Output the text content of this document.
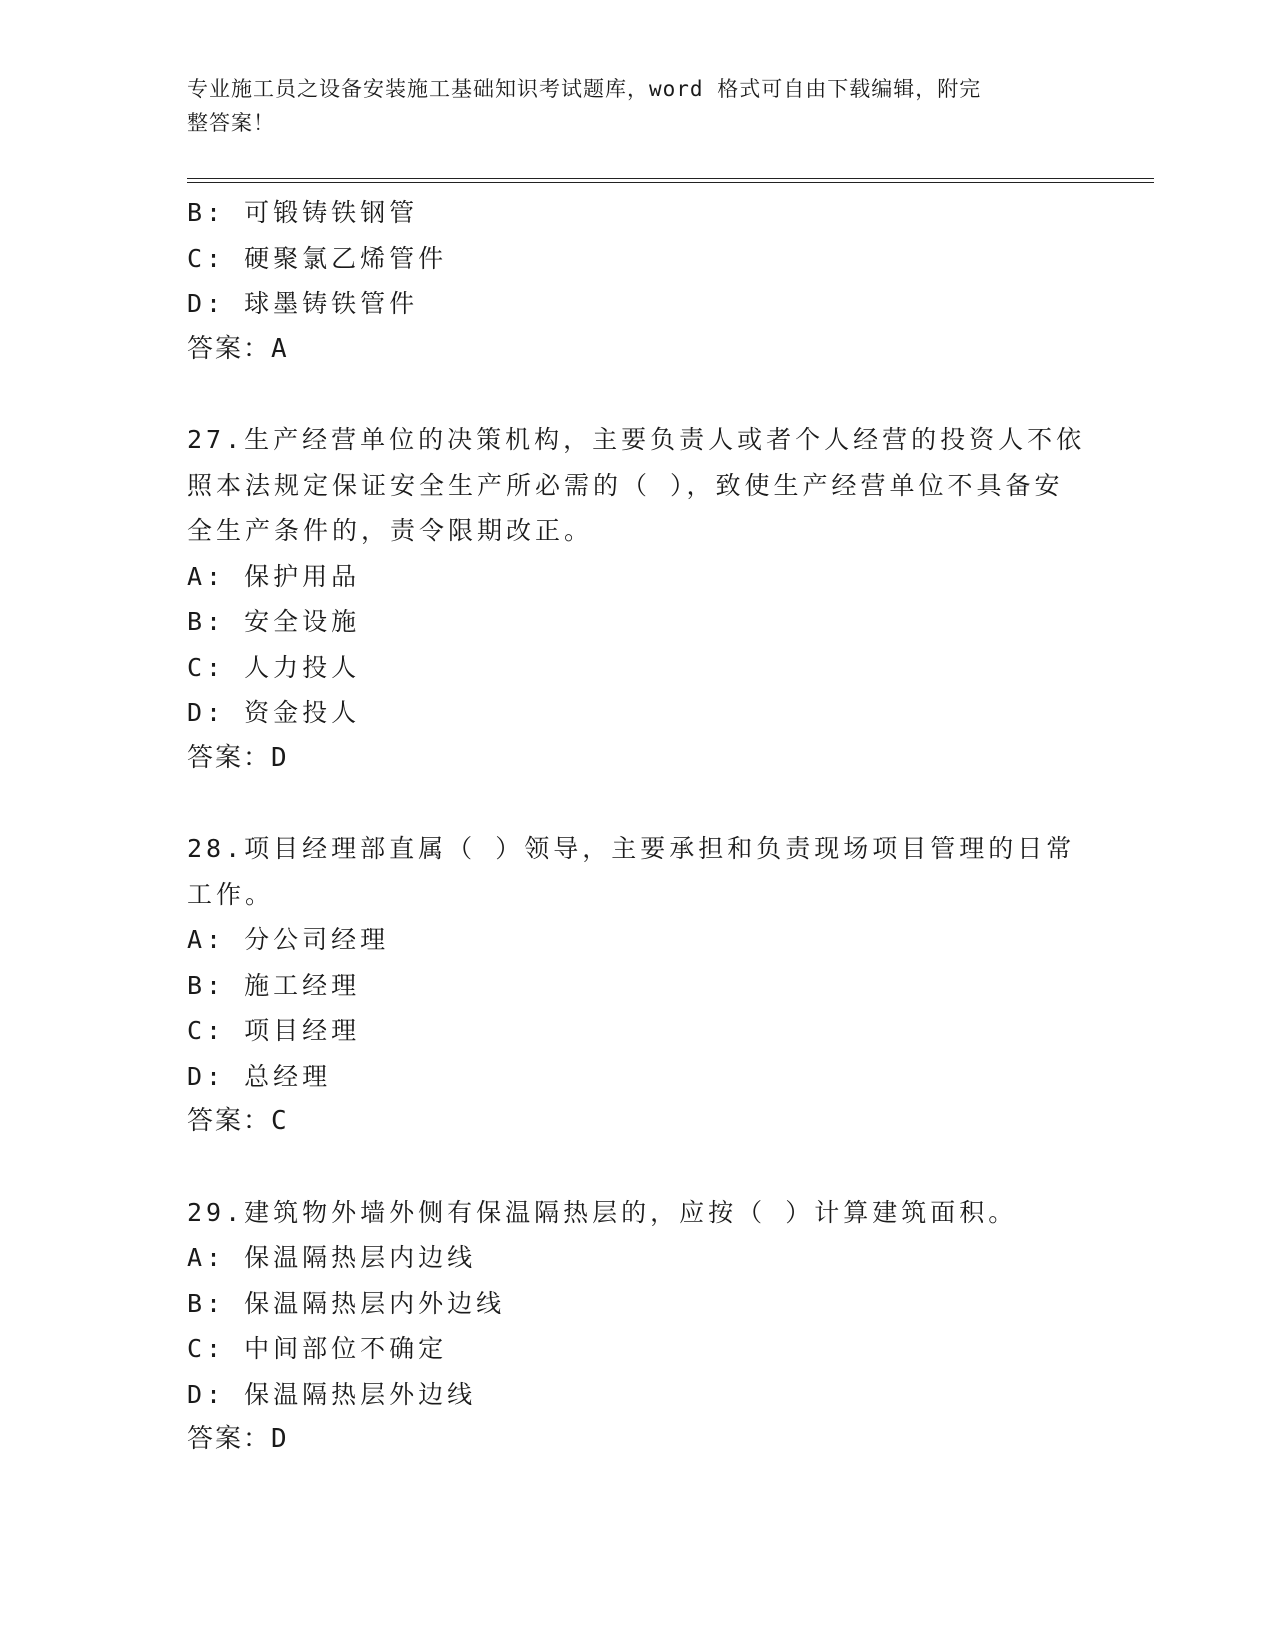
专业施工员之设备安装施工基础知识考试题库，word 格式可自由下载编辑，附完
整答案！
B: 可锻铸铁钢管
C: 硬聚氯乙烯管件
D: 球墨铸铁管件
答案：A
27.生产经营单位的决策机构，主要负责人或者个人经营的投资人不依
照本法规定保证安全生产所必需的（ ），致使生产经营单位不具备安
全生产条件的，责令限期改正。
A: 保护用品
B: 安全设施
C: 人力投人
D: 资金投人
答案：D
28.项目经理部直属（ ）领导，主要承担和负责现场项目管理的日常
工作。
A: 分公司经理
B: 施工经理
C: 项目经理
D: 总经理
答案：C
29.建筑物外墙外侧有保温隔热层的，应按（ ）计算建筑面积。
A: 保温隔热层内边线
B: 保温隔热层内外边线
C: 中间部位不确定
D: 保温隔热层外边线
答案：D
